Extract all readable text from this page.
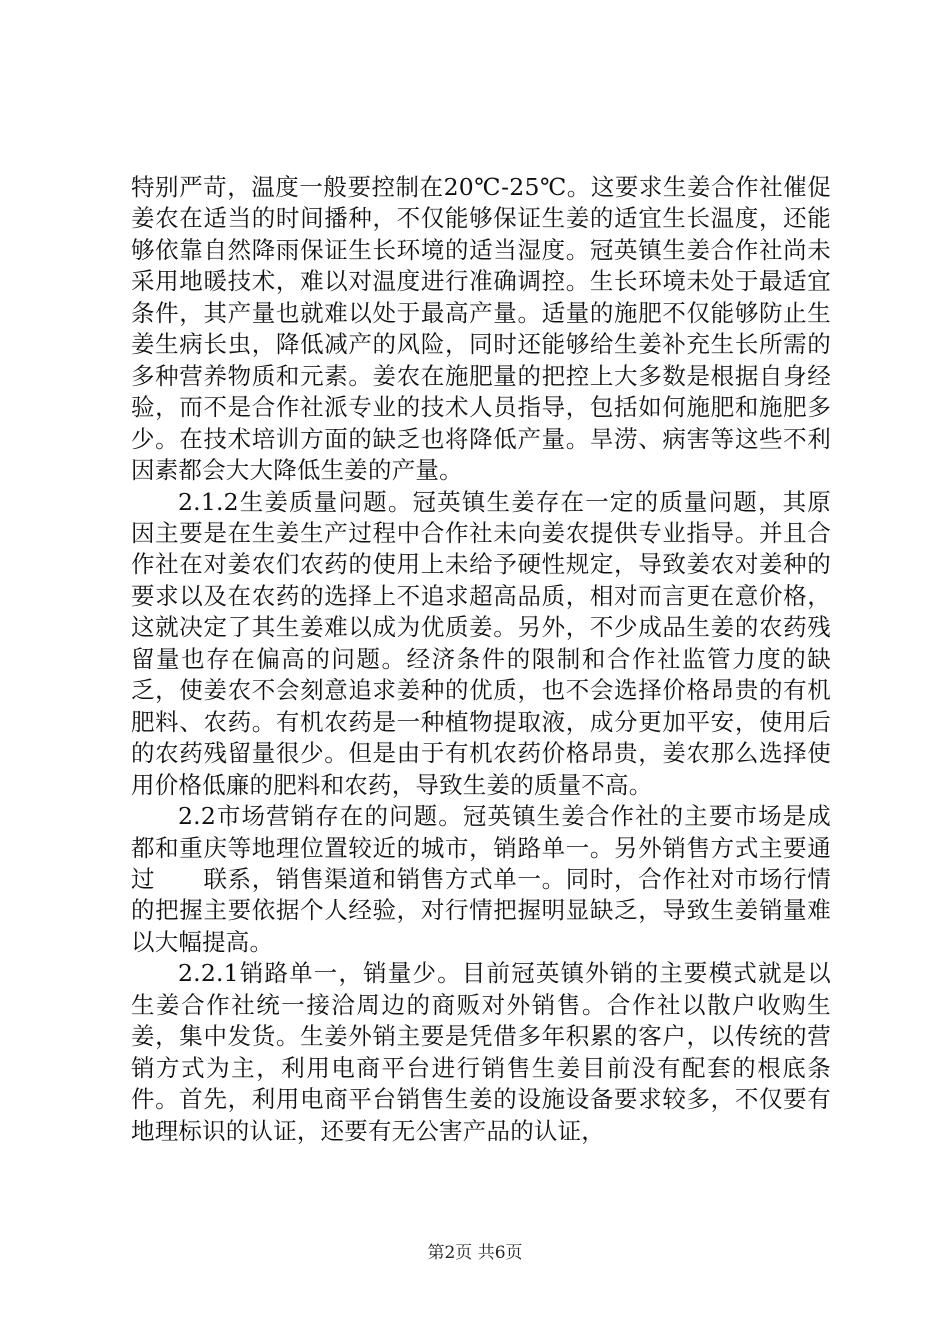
特别严苛，温度一般要控制在20℃-25℃。这要求生姜合作社催促姜农在适当的时间播种，不仅能够保证生姜的适宜生长温度，还能够依靠自然降雨保证生长环境的适当湿度。冠英镇生姜合作社尚未采用地暖技术，难以对温度进行准确调控。生长环境未处于最适宜条件，其产量也就难以处于最高产量。适量的施肥不仅能够防止生姜生病长虫，降低减产的风险，同时还能够给生姜补充生长所需的多种营养物质和元素。姜农在施肥量的把控上大多数是根据自身经验，而不是合作社派专业的技术人员指导，包括如何施肥和施肥多少。在技术培训方面的缺乏也将降低产量。旱涝、病害等这些不利因素都会大大降低生姜的产量。

2.1.2生姜质量问题。冠英镇生姜存在一定的质量问题，其原因主要是在生姜生产过程中合作社未向姜农提供专业指导。并且合作社在对姜农们农药的使用上未给予硬性规定，导致姜农对姜种的要求以及在农药的选择上不追求超高品质，相对而言更在意价格，这就决定了其生姜难以成为优质姜。另外，不少成品生姜的农药残留量也存在偏高的问题。经济条件的限制和合作社监管力度的缺乏，使姜农不会刻意追求姜种的优质，也不会选择价格昂贵的有机肥料、农药。有机农药是一种植物提取液，成分更加平安，使用后的农药残留量很少。但是由于有机农药价格昂贵，姜农那么选择使用价格低廉的肥料和农药，导致生姜的质量不高。

2.2市场营销存在的问题。冠英镇生姜合作社的主要市场是成都和重庆等地理位置较近的城市，销路单一。另外销售方式主要通过　　联系，销售渠道和销售方式单一。同时，合作社对市场行情的把握主要依据个人经验，对行情把握明显缺乏，导致生姜销量难以大幅提高。

2.2.1销路单一，销量少。目前冠英镇外销的主要模式就是以生姜合作社统一接洽周边的商贩对外销售。合作社以散户收购生姜，集中发货。生姜外销主要是凭借多年积累的客户，以传统的营销方式为主，利用电商平台进行销售生姜目前没有配套的根底条件。首先，利用电商平台销售生姜的设施设备要求较多，不仅要有地理标识的认证，还要有无公害产品的认证，

第2页 共6页
